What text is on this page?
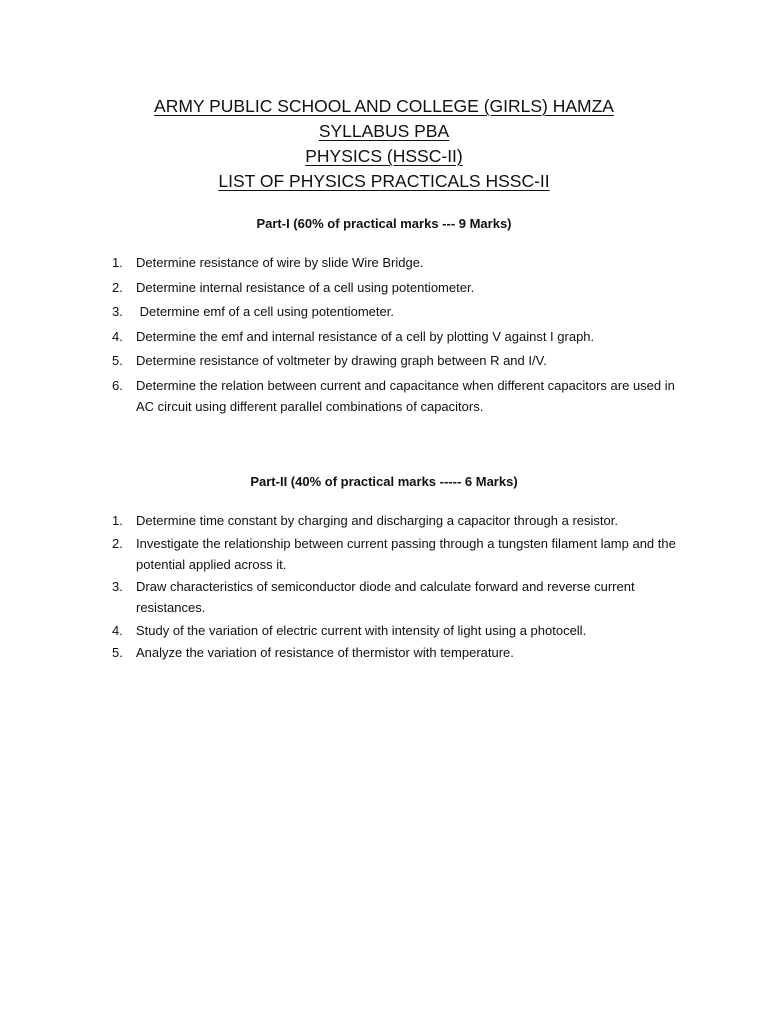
ARMY PUBLIC SCHOOL AND COLLEGE (GIRLS) HAMZA
SYLLABUS PBA
PHYSICS (HSSC-II)
LIST OF PHYSICS PRACTICALS HSSC-II
Part-I (60% of practical marks --- 9 Marks)
1.	Determine resistance of wire by slide Wire Bridge.
2.	Determine internal resistance of a cell using potentiometer.
3.	Determine emf of a cell using potentiometer.
4.	Determine the emf and internal resistance of a cell by plotting V against I graph.
5.	Determine resistance of voltmeter by drawing graph between R and I/V.
6.	Determine the relation between current and capacitance when different capacitors are used in AC circuit using different parallel combinations of capacitors.
Part-II (40% of practical marks ----- 6 Marks)
1.	Determine time constant by charging and discharging a capacitor through a resistor.
2.	Investigate the relationship between current passing through a tungsten filament lamp and the potential applied across it.
3.	Draw characteristics of semiconductor diode and calculate forward and reverse current resistances.
4.	Study of the variation of electric current with intensity of light using a photocell.
5.	Analyze the variation of resistance of thermistor with temperature.
